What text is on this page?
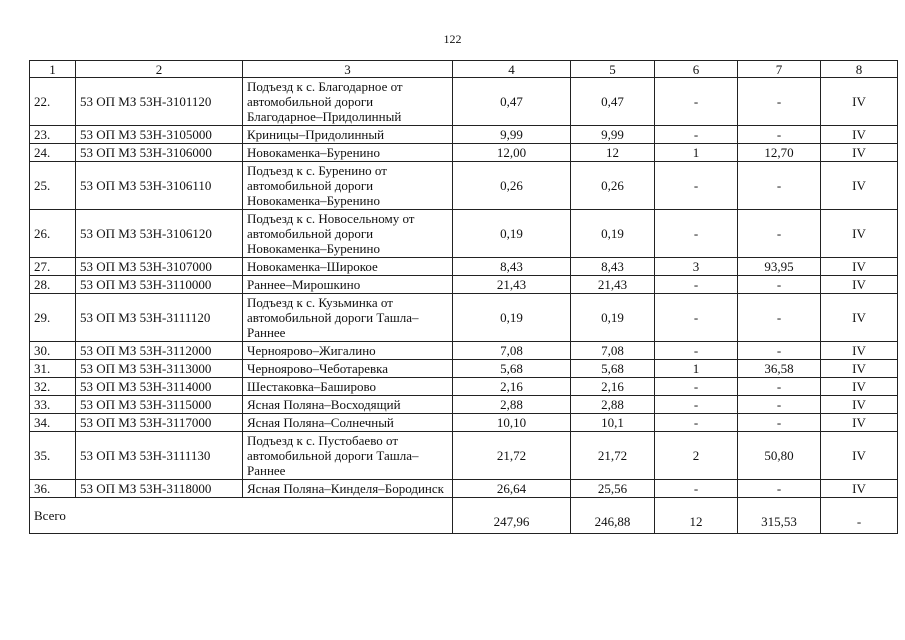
122
1	2	3	4	5	6	7	8
22.	53 ОП МЗ 53Н-3101120	Подъезд к с. Благодарное от автомобильной дороги Благодарное–Придолинный	0,47	0,47	-	-	IV
23.	53 ОП МЗ 53Н-3105000	Криницы–Придолинный	9,99	9,99	-	-	IV
24.	53 ОП МЗ 53Н-3106000	Новокаменка–Буренино	12,00	12	1	12,70	IV
25.	53 ОП МЗ 53Н-3106110	Подъезд к с. Буренино от автомобильной дороги Новокаменка–Буренино	0,26	0,26	-	-	IV
26.	53 ОП МЗ 53Н-3106120	Подъезд к с. Новосельному от автомобильной дороги Новокаменка–Буренино	0,19	0,19	-	-	IV
27.	53 ОП МЗ 53Н-3107000	Новокаменка–Широкое	8,43	8,43	3	93,95	IV
28.	53 ОП МЗ 53Н-3110000	Раннее–Мирошкино	21,43	21,43	-	-	IV
29.	53 ОП МЗ 53Н-3111120	Подъезд к с. Кузьминка от автомобильной дороги Ташла–Раннее	0,19	0,19	-	-	IV
30.	53 ОП МЗ 53Н-3112000	Черноярово–Жигалино	7,08	7,08	-	-	IV
31.	53 ОП МЗ 53Н-3113000	Черноярово–Чеботаревка	5,68	5,68	1	36,58	IV
32.	53 ОП МЗ 53Н-3114000	Шестаковка–Баширово	2,16	2,16	-	-	IV
33.	53 ОП МЗ 53Н-3115000	Ясная Поляна–Восходящий	2,88	2,88	-	-	IV
34.	53 ОП МЗ 53Н-3117000	Ясная Поляна–Солнечный	10,10	10,1	-	-	IV
35.	53 ОП МЗ 53Н-3111130	Подъезд к с. Пустобаево от автомобильной дороги Ташла–Раннее	21,72	21,72	2	50,80	IV
36.	53 ОП МЗ 53Н-3118000	Ясная Поляна–Кинделя–Бородинск	26,64	25,56	-	-	IV
Всего			247,96	246,88	12	315,53	-
